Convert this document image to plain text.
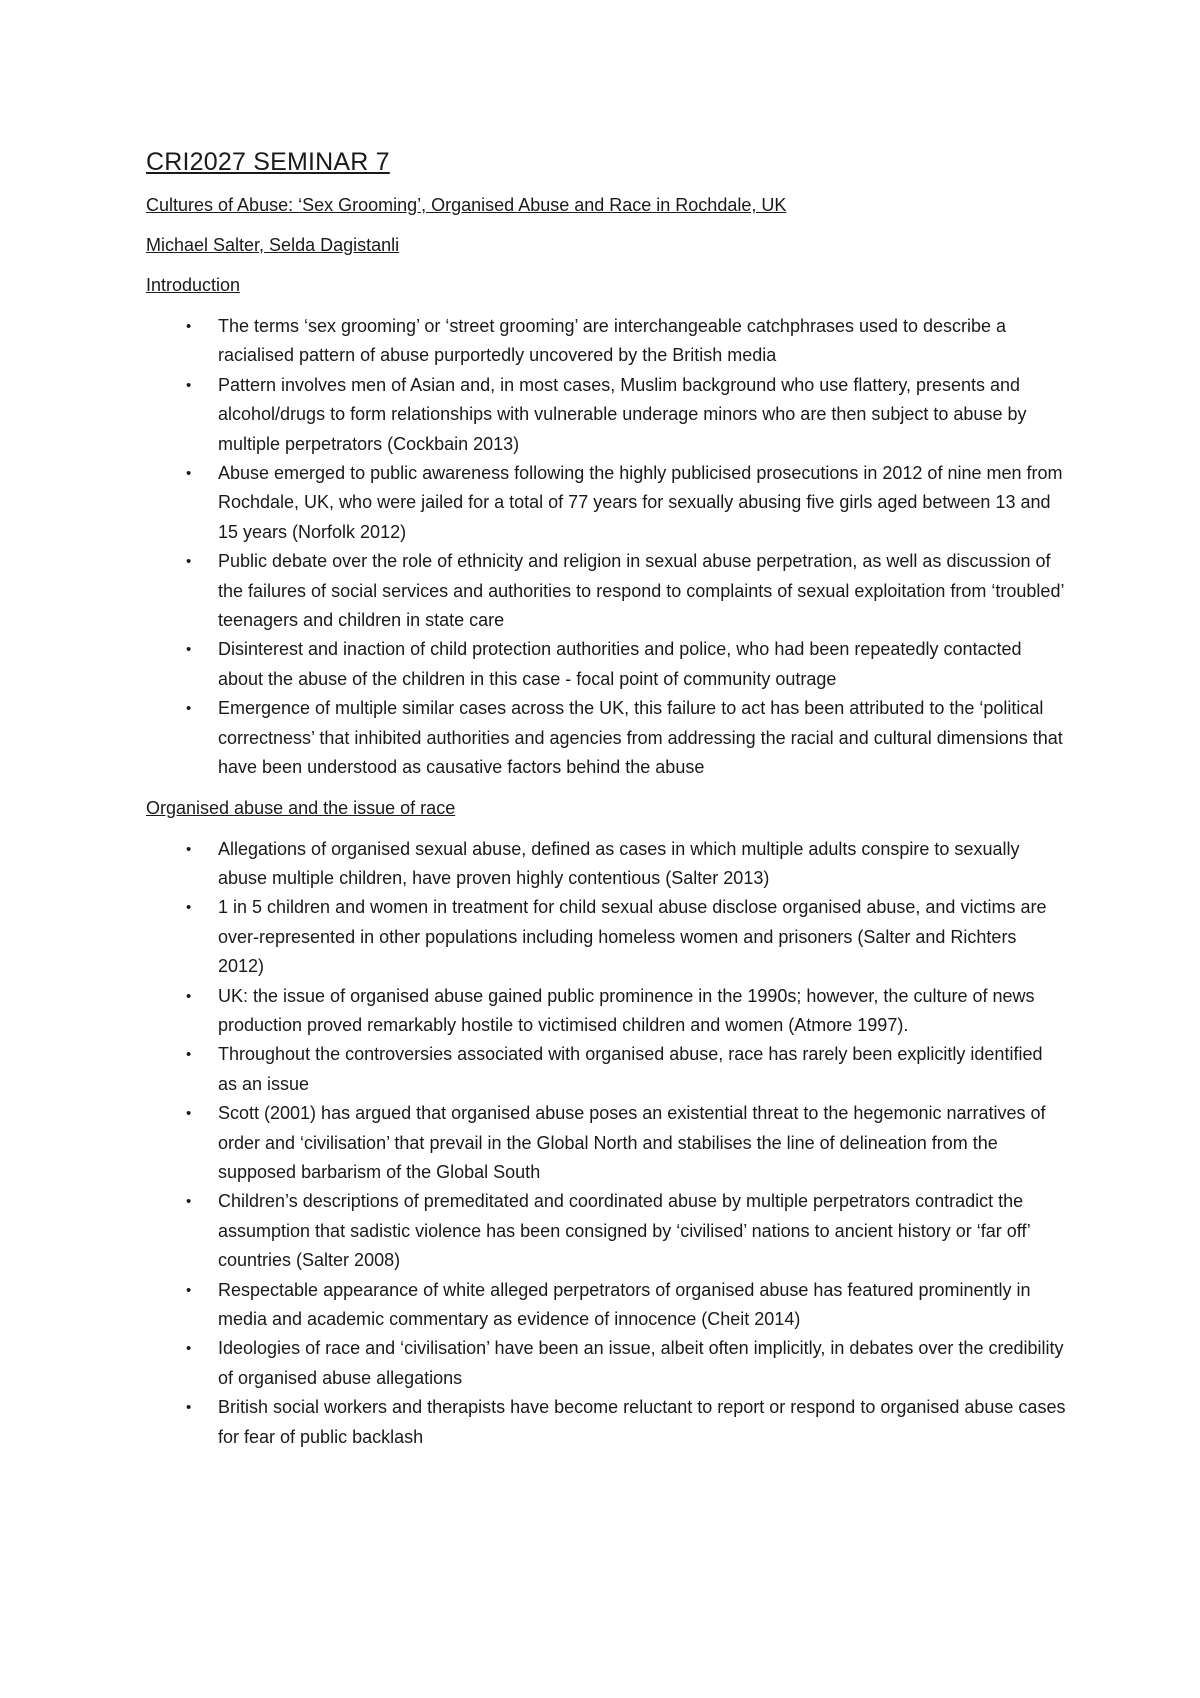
CRI2027 SEMINAR 7
Cultures of Abuse: ‘Sex Grooming’, Organised Abuse and Race in Rochdale, UK
Michael Salter, Selda Dagistanli
Introduction
• The terms ‘sex grooming’ or ‘street grooming’ are interchangeable catchphrases used to describe a racialised pattern of abuse purportedly uncovered by the British media
• Pattern involves men of Asian and, in most cases, Muslim background who use flattery, presents and alcohol/drugs to form relationships with vulnerable underage minors who are then subject to abuse by multiple perpetrators (Cockbain 2013)
• Abuse emerged to public awareness following the highly publicised prosecutions in 2012 of nine men from Rochdale, UK, who were jailed for a total of 77 years for sexually abusing five girls aged between 13 and 15 years (Norfolk 2012)
• Public debate over the role of ethnicity and religion in sexual abuse perpetration, as well as discussion of the failures of social services and authorities to respond to complaints of sexual exploitation from ‘troubled’ teenagers and children in state care
• Disinterest and inaction of child protection authorities and police, who had been repeatedly contacted about the abuse of the children in this case - focal point of community outrage
• Emergence of multiple similar cases across the UK, this failure to act has been attributed to the ‘political correctness’ that inhibited authorities and agencies from addressing the racial and cultural dimensions that have been understood as causative factors behind the abuse
Organised abuse and the issue of race
• Allegations of organised sexual abuse, defined as cases in which multiple adults conspire to sexually abuse multiple children, have proven highly contentious (Salter 2013)
• 1 in 5 children and women in treatment for child sexual abuse disclose organised abuse, and victims are over-represented in other populations including homeless women and prisoners (Salter and Richters 2012)
• UK: the issue of organised abuse gained public prominence in the 1990s; however, the culture of news production proved remarkably hostile to victimised children and women (Atmore 1997).
• Throughout the controversies associated with organised abuse, race has rarely been explicitly identified as an issue
• Scott (2001) has argued that organised abuse poses an existential threat to the hegemonic narratives of order and ‘civilisation’ that prevail in the Global North and stabilises the line of delineation from the supposed barbarism of the Global South
• Children’s descriptions of premeditated and coordinated abuse by multiple perpetrators contradict the assumption that sadistic violence has been consigned by ‘civilised’ nations to ancient history or ‘far off’ countries (Salter 2008)
• Respectable appearance of white alleged perpetrators of organised abuse has featured prominently in media and academic commentary as evidence of innocence (Cheit 2014)
• Ideologies of race and ‘civilisation’ have been an issue, albeit often implicitly, in debates over the credibility of organised abuse allegations
• British social workers and therapists have become reluctant to report or respond to organised abuse cases for fear of public backlash
